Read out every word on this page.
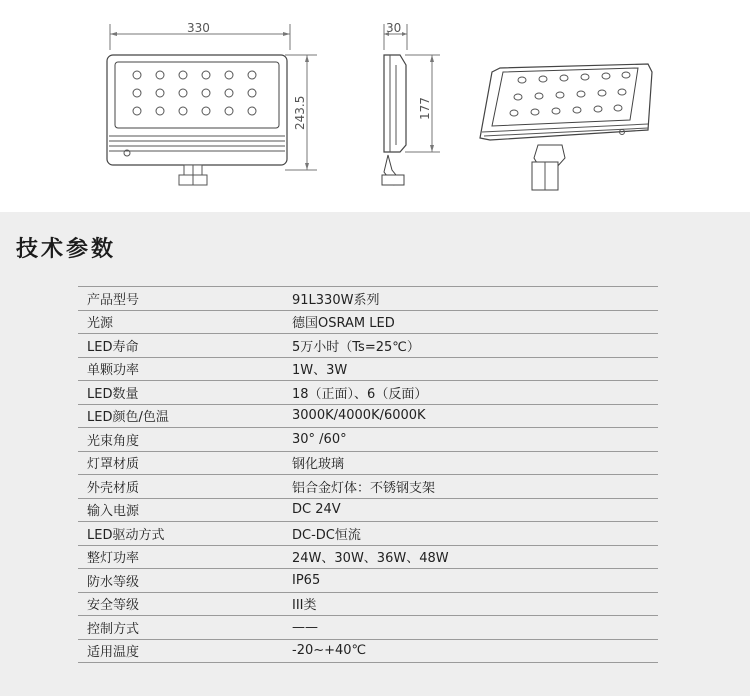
330
243.5
30
177
技术参数
产品型号	91L330W系列
光源	德国OSRAM LED
LED寿命	5万小时（Ts=25℃）
单颗功率	1W、3W
LED数量	18（正面）、6（反面）
LED颜色/色温	3000K/4000K/6000K
光束角度	30° /60°
灯罩材质	钢化玻璃
外壳材质	铝合金灯体：不锈钢支架
输入电源	DC 24V
LED驱动方式	DC-DC恒流
整灯功率	24W、30W、36W、48W
防水等级	IP65
安全等级	III类
控制方式	——
适用温度	-20~+40℃
